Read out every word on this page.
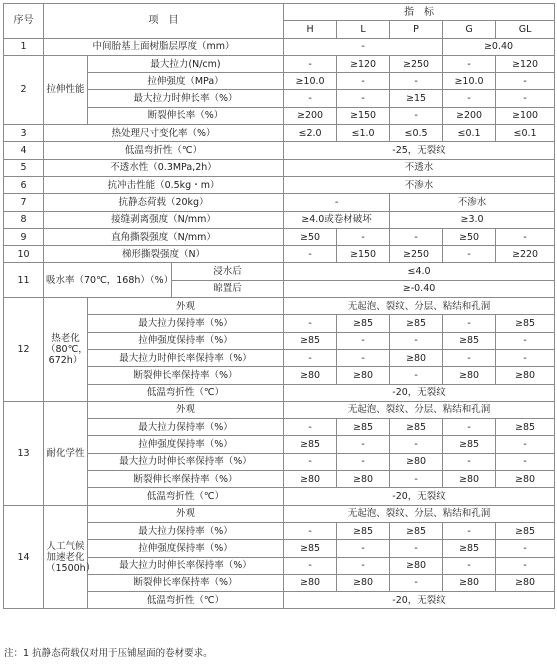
序号	项　目			指　标				
				H	L	P	G	GL
1	中间胎基上面树脂层厚度（mm）			-			≥0.40	
2	拉伸性能	最大拉力(N/cm)		-	≥120	≥250	-	≥120
		拉伸强度（MPa）		≥10.0	-	-	≥10.0	-
		最大拉力时伸长率（%）		-	-	≥15	-	-
		断裂伸长率（%）		≥200	≥150	-	≥200	≥100
3	热处理尺寸变化率（%）			≤2.0	≤1.0	≤0.5	≤0.1	≤0.1
4	低温弯折性（℃）			-25，无裂纹				
5	不透水性（0.3MPa,2h）			不透水				
6	抗冲击性能（0.5kg・m）			不渗水				
7	抗静态荷载（20kg）			-		不渗水		
8	接缝剥离强度（N/mm）			≥4.0或卷材破坏		≥3.0		
9	直角撕裂强度（N/mm）			≥50	-	-	≥50	-
10	梯形撕裂强度（N）			-	≥150	≥250	-	≥220
11	吸水率（70℃，168h）（%）		浸水后	≤4.0				
			晾置后	≥-0.40				
12	热老化（80℃，672h）	外观		无起泡、裂纹、分层、粘结和孔洞				
		最大拉力保持率（%）		-	≥85	≥85	-	≥85
		拉伸强度保持率（%）		≥85	-	-	≥85	-
		最大拉力时伸长率保持率（%）		-	-	≥80	-	-
		断裂伸长率保持率（%）		≥80	≥80	-	≥80	≥80
		低温弯折性（℃）		-20，无裂纹				
13	耐化学性	外观		无起泡、裂纹、分层、粘结和孔洞				
		最大拉力保持率（%）		-	≥85	≥85	-	≥85
		拉伸强度保持率（%）		≥85	-	-	≥85	-
		最大拉力时伸长率保持率（%）		-	-	≥80	-	-
		断裂伸长率保持率（%）		≥80	≥80	-	≥80	≥80
		低温弯折性（℃）		-20，无裂纹				
14	人工气候加速老化（1500h）	外观		无起泡、裂纹、分层、粘结和孔洞				
		最大拉力保持率（%）		-	≥85	≥85	-	≥85
		拉伸强度保持率（%）		≥85	-	-	≥85	-
		最大拉力时伸长率保持率（%）		-	-	≥80	-	-
		断裂伸长率保持率（%）		≥80	≥80	-	≥80	≥80
		低温弯折性（℃）		-20，无裂纹				
注：1 抗静态荷载仅对用于压铺屋面的卷材要求。
